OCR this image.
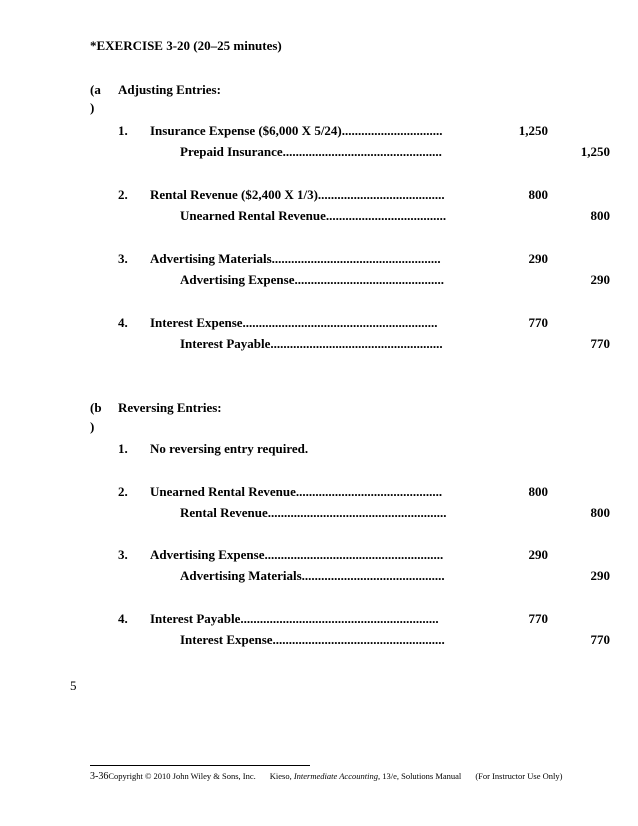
*EXERCISE 3-20 (20–25 minutes)
(a
)
Adjusting Entries:
1. Insurance Expense ($6,000 X 5/24)...............................	1,250
Prepaid Insurance.................................................	1,250
2. Rental Revenue ($2,400 X 1/3).......................................	800
Unearned Rental Revenue.....................................	800
3. Advertising Materials....................................................	290
Advertising Expense..............................................	290
4. Interest Expense............................................................	770
Interest Payable.....................................................	770
(b
)
Reversing Entries:
1. No reversing entry required.
2. Unearned Rental Revenue.............................................	800
Rental Revenue.......................................................	800
3. Advertising Expense.......................................................	290
Advertising Materials............................................	290
4. Interest Payable.............................................................	770
Interest Expense.....................................................	770
5
3-36Copyright © 2010 John Wiley & Sons, Inc. Kieso, Intermediate Accounting, 13/e, Solutions Manual (For Instructor Use Only)
